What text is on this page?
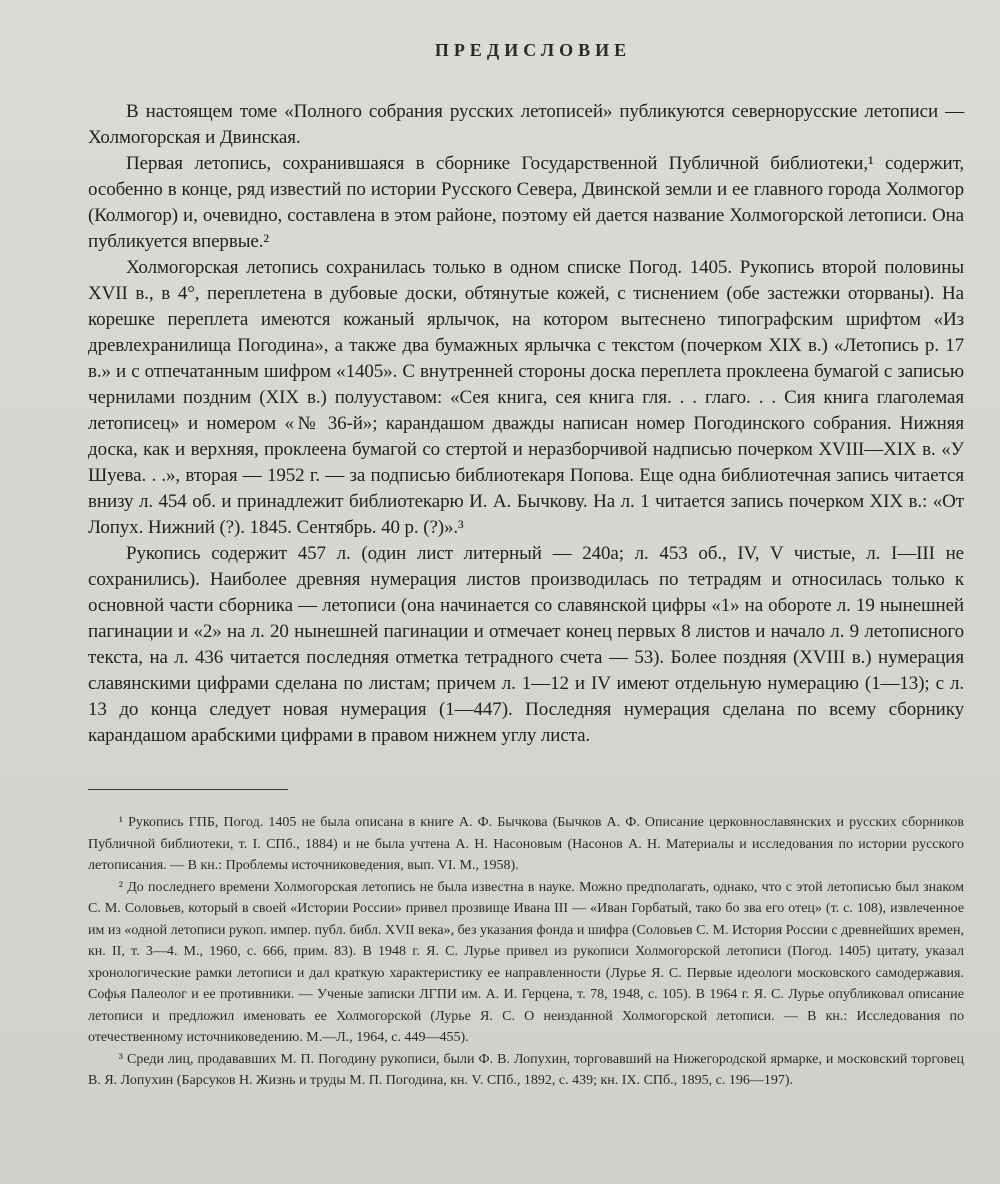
ПРЕДИСЛОВИЕ

В настоящем томе «Полного собрания русских летописей» публикуются севернорусские летописи — Холмогорская и Двинская.

Первая летопись, сохранившаяся в сборнике Государственной Публичной библиотеки,¹ содержит, особенно в конце, ряд известий по истории Русского Севера, Двинской земли и ее главного города Холмогор (Колмогор) и, очевидно, составлена в этом районе, поэтому ей дается название Холмогорской летописи. Она публикуется впервые.²

Холмогорская летопись сохранилась только в одном списке Погод. 1405. Рукопись второй половины XVII в., в 4°, переплетена в дубовые доски, обтянутые кожей, с тиснением (обе застежки оторваны). На корешке переплета имеются кожаный ярлычок, на котором вытеснено типографским шрифтом «Из древлехранилища Погодина», а также два бумажных ярлычка с текстом (почерком XIX в.) «Летопись р. 17 в.» и с отпечатанным шифром «1405». С внутренней стороны доска переплета проклеена бумагой с записью чернилами поздним (XIX в.) полууставом: «Сея книга, сея книга гля. . . глаго. . . Сия книга глаголемая летописец» и номером «№ 36-й»; карандашом дважды написан номер Погодинского собрания. Нижняя доска, как и верхняя, проклеена бумагой со стертой и неразборчивой надписью почерком XVIII—XIX в. «У Шуева. . .», вторая — 1952 г. — за подписью библиотекаря Попова. Еще одна библиотечная запись читается внизу л. 454 об. и принадлежит библиотекарю И. А. Бычкову. На л. 1 читается запись почерком XIX в.: «От Лопух. Нижний (?). 1845. Сентябрь. 40 р. (?)».³

Рукопись содержит 457 л. (один лист литерный — 240а; л. 453 об., IV, V чистые, л. I—III не сохранились). Наиболее древняя нумерация листов производилась по тетрадям и относилась только к основной части сборника — летописи (она начинается со славянской цифры «1» на обороте л. 19 нынешней пагинации и «2» на л. 20 нынешней пагинации и отмечает конец первых 8 листов и начало л. 9 летописного текста, на л. 436 читается последняя отметка тетрадного счета — 53). Более поздняя (XVIII в.) нумерация славянскими цифрами сделана по листам; причем л. 1—12 и IV имеют отдельную нумерацию (1—13); с л. 13 до конца следует новая нумерация (1—447). Последняя нумерация сделана по всему сборнику карандашом арабскими цифрами в правом нижнем углу листа.

¹ Рукопись ГПБ, Погод. 1405 не была описана в книге А. Ф. Бычкова (Бычков А. Ф. Описание церковнославянских и русских сборников Публичной библиотеки, т. I. СПб., 1884) и не была учтена А. Н. Насоновым (Насонов А. Н. Материалы и исследования по истории русского летописания. — В кн.: Проблемы источниковедения, вып. VI. М., 1958).

² До последнего времени Холмогорская летопись не была известна в науке. Можно предполагать, однако, что с этой летописью был знаком С. М. Соловьев, который в своей «Истории России» привел прозвище Ивана III — «Иван Горбатый, тако бо зва его отец» (т. с. 108), извлеченное им из «одной летописи рукоп. импер. публ. библ. XVII века», без указания фонда и шифра (Соловьев С. М. История России с древнейших времен, кн. II, т. 3—4. М., 1960, с. 666, прим. 83). В 1948 г. Я. С. Лурье привел из рукописи Холмогорской летописи (Погод. 1405) цитату, указал хронологические рамки летописи и дал краткую характеристику ее направленности (Лурье Я. С. Первые идеологи московского самодержавия. Софья Палеолог и ее противники. — Ученые записки ЛГПИ им. А. И. Герцена, т. 78, 1948, с. 105). В 1964 г. Я. С. Лурье опубликовал описание летописи и предложил именовать ее Холмогорской (Лурье Я. С. О неизданной Холмогорской летописи. — В кн.: Исследования по отечественному источниковедению. М.—Л., 1964, с. 449—455).

³ Среди лиц, продававших М. П. Погодину рукописи, были Ф. В. Лопухин, торговавший на Нижегородской ярмарке, и московский торговец В. Я. Лопухин (Барсуков Н. Жизнь и труды М. П. Погодина, кн. V. СПб., 1892, с. 439; кн. IX. СПб., 1895, с. 196—197).
